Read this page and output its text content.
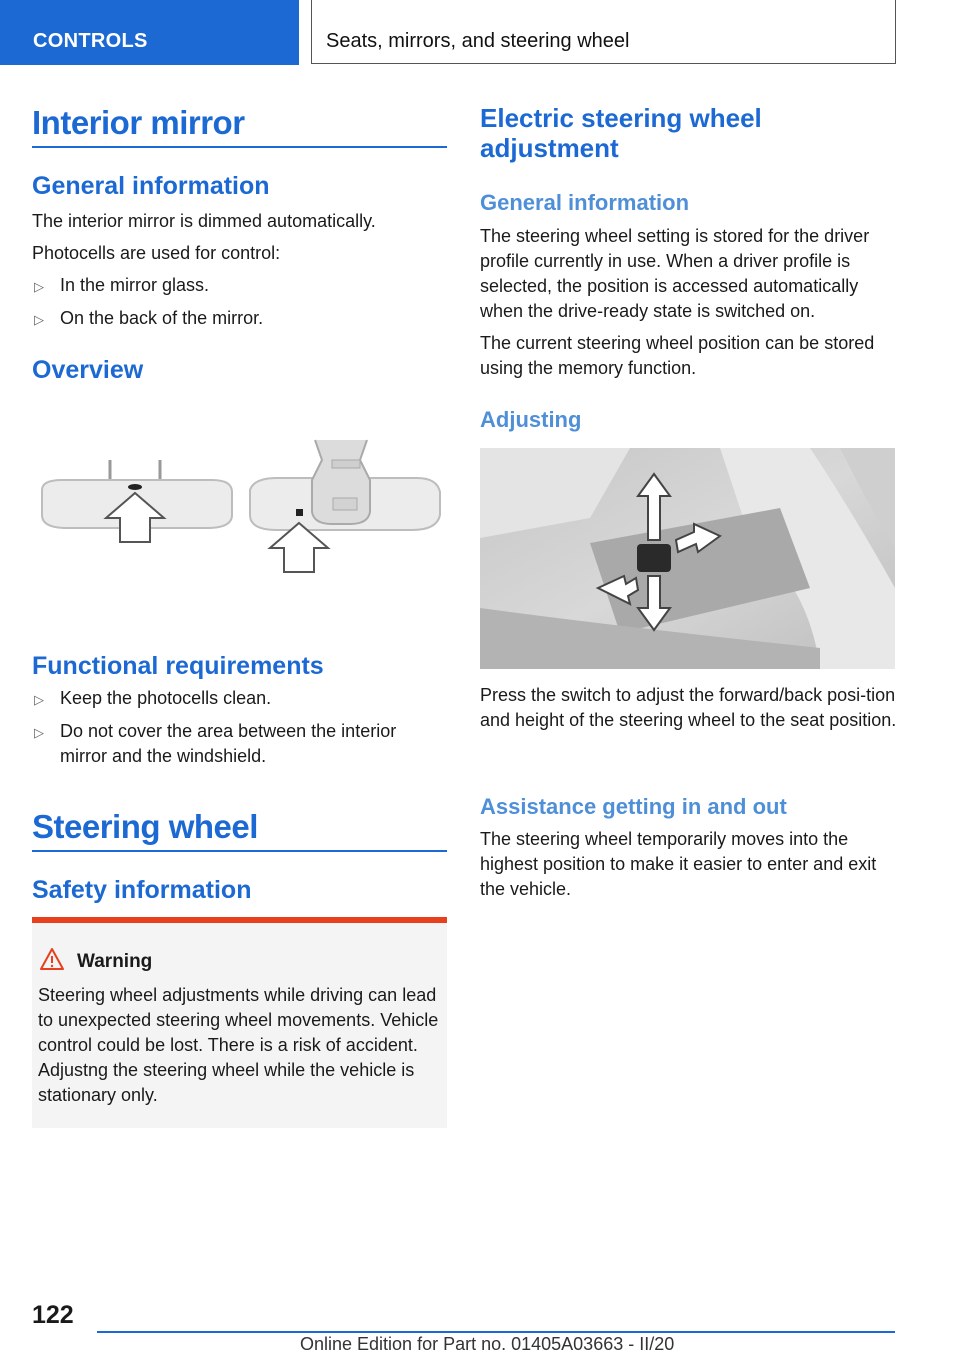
CONTROLS	Seats, mirrors, and steering wheel
Interior mirror
General information

The interior mirror is dimmed automatically.

Photocells are used for control:

▷ In the mirror glass.
▷ On the back of the mirror.
Overview
Functional requirements
▷ Keep the photocells clean.
▷ Do not cover the area between the interior mirror and the windshield.
Steering wheel
Safety information
Warning

Steering wheel adjustments while driving can lead to unexpected steering wheel movements. Vehicle control could be lost. There is a risk of accident. Adjustng the steering wheel while the vehicle is stationary only.

Electric steering wheel adjustment
General information

The steering wheel setting is stored for the driver profile currently in use. When a driver profile is selected, the position is accessed automatically when the drive-ready state is switched on.

The current steering wheel position can be stored using the memory function.

Adjusting

Press the switch to adjust the forward/back posi‐tion and height of the steering wheel to the seat position.

Assistance getting in and out

The steering wheel temporarily moves into the highest position to make it easier to enter and exit the vehicle.

122
Online Edition for Part no. 01405A03663 - II/20
